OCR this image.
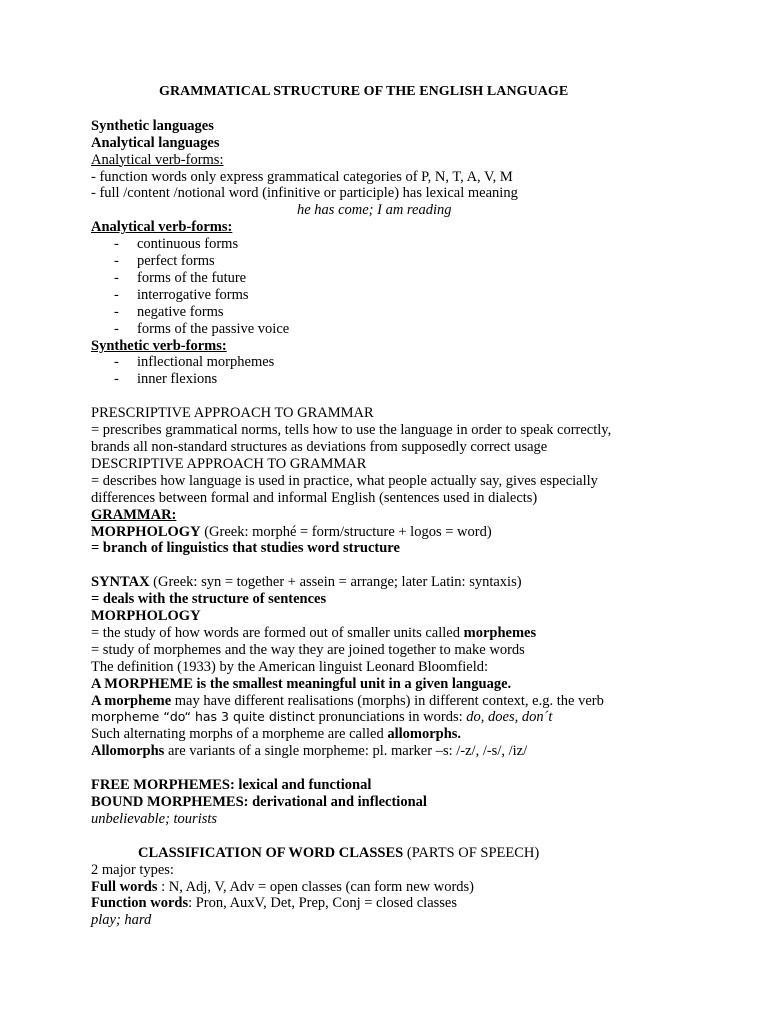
GRAMMATICAL STRUCTURE OF THE ENGLISH LANGUAGE
Synthetic languages
Analytical languages
Analytical verb-forms:
- function words only express grammatical categories of P, N, T, A, V, M
- full /content /notional word (infinitive or participle) has lexical meaning
he has come; I am reading
Analytical verb-forms:
- continuous forms
- perfect forms
- forms of the future
- interrogative forms
- negative forms
- forms of the passive voice
Synthetic verb-forms:
- inflectional morphemes
- inner flexions
PRESCRIPTIVE APPROACH TO GRAMMAR
= prescribes grammatical norms, tells how to use the language in order to speak correctly,
brands all non-standard structures as deviations from supposedly correct usage
DESCRIPTIVE APPROACH TO GRAMMAR
= describes how language is used in practice, what people actually say, gives especially
differences between formal and informal English (sentences used in dialects)
GRAMMAR:
MORPHOLOGY (Greek: morphé = form/structure + logos = word)
= branch of linguistics that studies word structure
SYNTAX (Greek: syn = together + assein = arrange; later Latin: syntaxis)
= deals with the structure of sentences
MORPHOLOGY
= the study of how words are formed out of smaller units called morphemes
= study of morphemes and the way they are joined together to make words
The definition (1933) by the American linguist Leonard Bloomfield:
A MORPHEME is the smallest meaningful unit in a given language.
A morpheme may have different realisations (morphs) in different context, e.g. the verb
morpheme “do“ has 3 quite distinct pronunciations in words: do, does, don´t
Such alternating morphs of a morpheme are called allomorphs.
Allomorphs are variants of a single morpheme: pl. marker –s: /-z/, /-s/, /iz/
FREE MORPHEMES: lexical and functional
BOUND MORPHEMES: derivational and inflectional
unbelievable; tourists
CLASSIFICATION OF WORD CLASSES (PARTS OF SPEECH)
2 major types:
Full words : N, Adj, V, Adv = open classes (can form new words)
Function words: Pron, AuxV, Det, Prep, Conj = closed classes
play; hard
